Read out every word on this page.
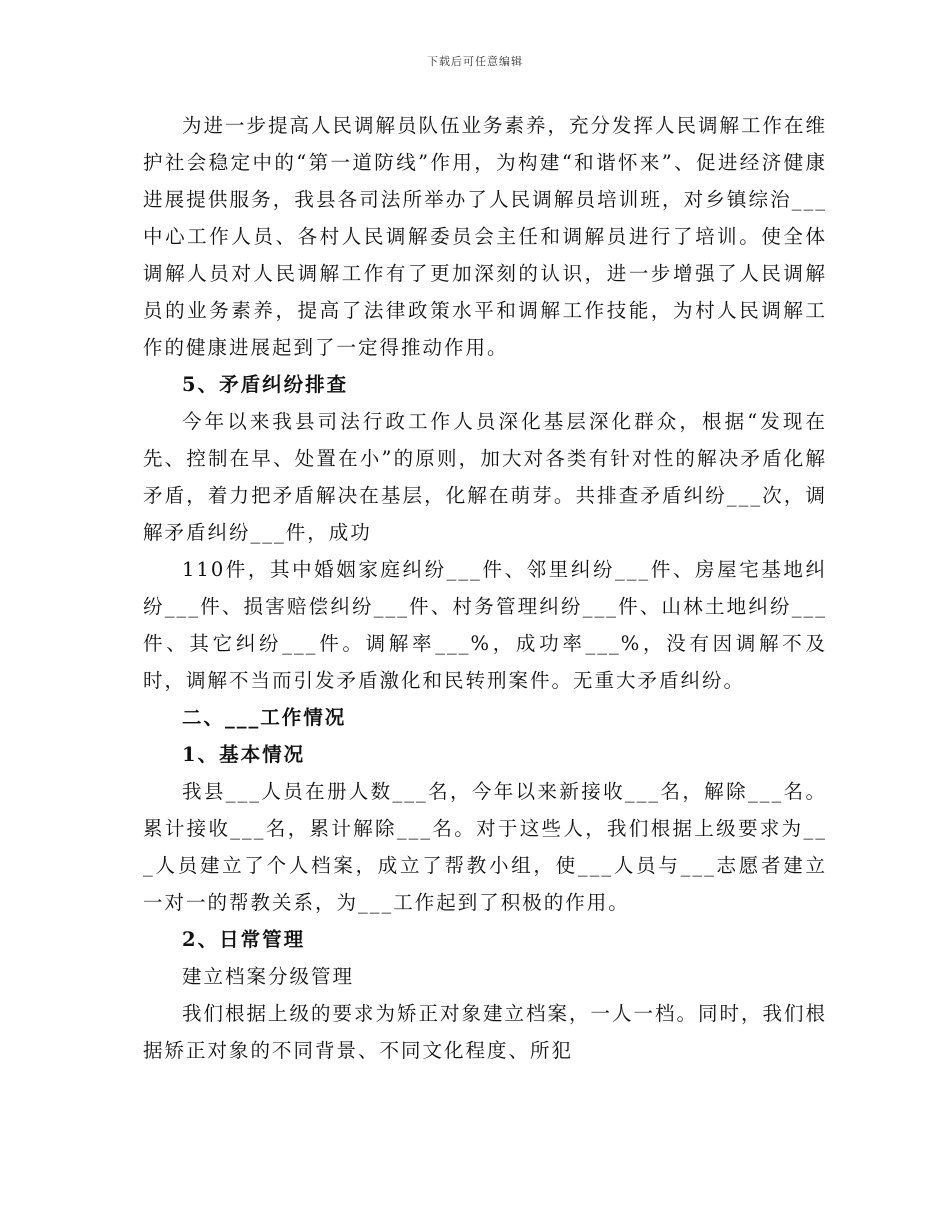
下载后可任意编辑

为进一步提高人民调解员队伍业务素养，充分发挥人民调解工作在维护社会稳定中的“第一道防线”作用，为构建“和谐怀来”、促进经济健康进展提供服务，我县各司法所举办了人民调解员培训班，对乡镇综治___中心工作人员、各村人民调解委员会主任和调解员进行了培训。使全体调解人员对人民调解工作有了更加深刻的认识，进一步增强了人民调解员的业务素养，提高了法律政策水平和调解工作技能，为村人民调解工作的健康进展起到了一定得推动作用。

5、矛盾纠纷排查

今年以来我县司法行政工作人员深化基层深化群众，根据“发现在先、控制在早、处置在小”的原则，加大对各类有针对性的解决矛盾化解矛盾，着力把矛盾解决在基层，化解在萌芽。共排查矛盾纠纷___次，调解矛盾纠纷___件，成功

110件，其中婚姻家庭纠纷___件、邻里纠纷___件、房屋宅基地纠纷___件、损害赔偿纠纷___件、村务管理纠纷___件、山林土地纠纷___件、其它纠纷___件。调解率___%，成功率___%，没有因调解不及时，调解不当而引发矛盾激化和民转刑案件。无重大矛盾纠纷。

二、___工作情况

1、基本情况

我县___人员在册人数___名，今年以来新接收___名，解除___名。累计接收___名，累计解除___名。对于这些人，我们根据上级要求为___人员建立了个人档案，成立了帮教小组，使___人员与___志愿者建立一对一的帮教关系，为___工作起到了积极的作用。

2、日常管理

建立档案分级管理

我们根据上级的要求为矫正对象建立档案，一人一档。同时，我们根据矫正对象的不同背景、不同文化程度、所犯
